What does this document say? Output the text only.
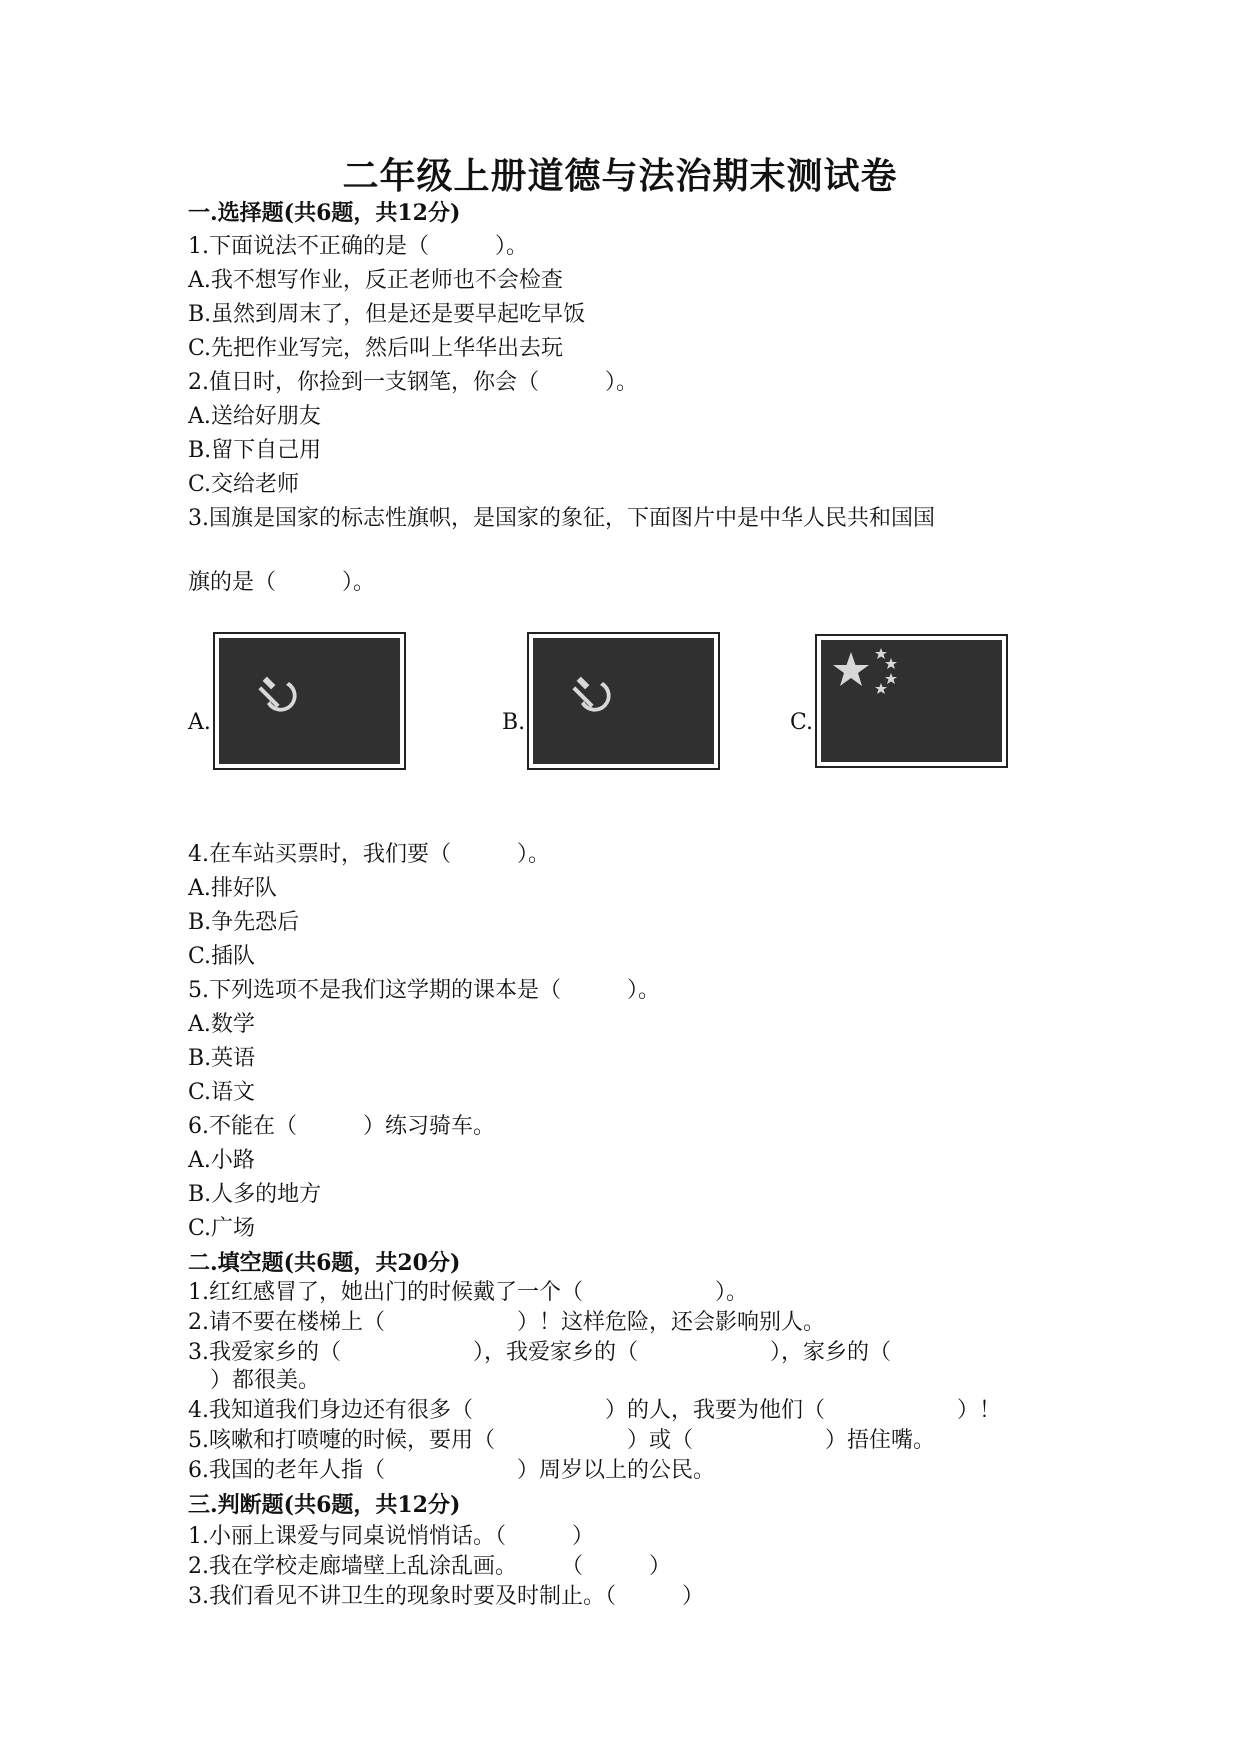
二年级上册道德与法治期末测试卷
一.选择题(共6题，共12分)
1.下面说法不正确的是（　　　）。
A.我不想写作业，反正老师也不会检查
B.虽然到周末了，但是还是要早起吃早饭
C.先把作业写完，然后叫上华华出去玩
2.值日时，你捡到一支钢笔，你会（　　　）。
A.送给好朋友
B.留下自己用
C.交给老师
3.国旗是国家的标志性旗帜，是国家的象征，下面图片中是中华人民共和国国
旗的是（　　　）。
A.	B.	C.
4.在车站买票时，我们要（　　　）。
A.排好队
B.争先恐后
C.插队
5.下列选项不是我们这学期的课本是（　　　）。
A.数学
B.英语
C.语文
6.不能在（　　　）练习骑车。
A.小路
B.人多的地方
C.广场
二.填空题(共6题，共20分)
1.红红感冒了，她出门的时候戴了一个（　　　　　　）。
2.请不要在楼梯上（　　　　　　）！这样危险，还会影响别人。
3.我爱家乡的（　　　　　　），我爱家乡的（　　　　　　），家乡的（
　）都很美。
4.我知道我们身边还有很多（　　　　　　）的人，我要为他们（　　　　　　）！
5.咳嗽和打喷嚏的时候，要用（　　　　　　）或（　　　　　　）捂住嘴。
6.我国的老年人指（　　　　　　）周岁以上的公民。
三.判断题(共6题，共12分)
1.小丽上课爱与同桌说悄悄话。（　　　）
2.我在学校走廊墙壁上乱涂乱画。　　　（　　　）
3.我们看见不讲卫生的现象时要及时制止。（　　　）
